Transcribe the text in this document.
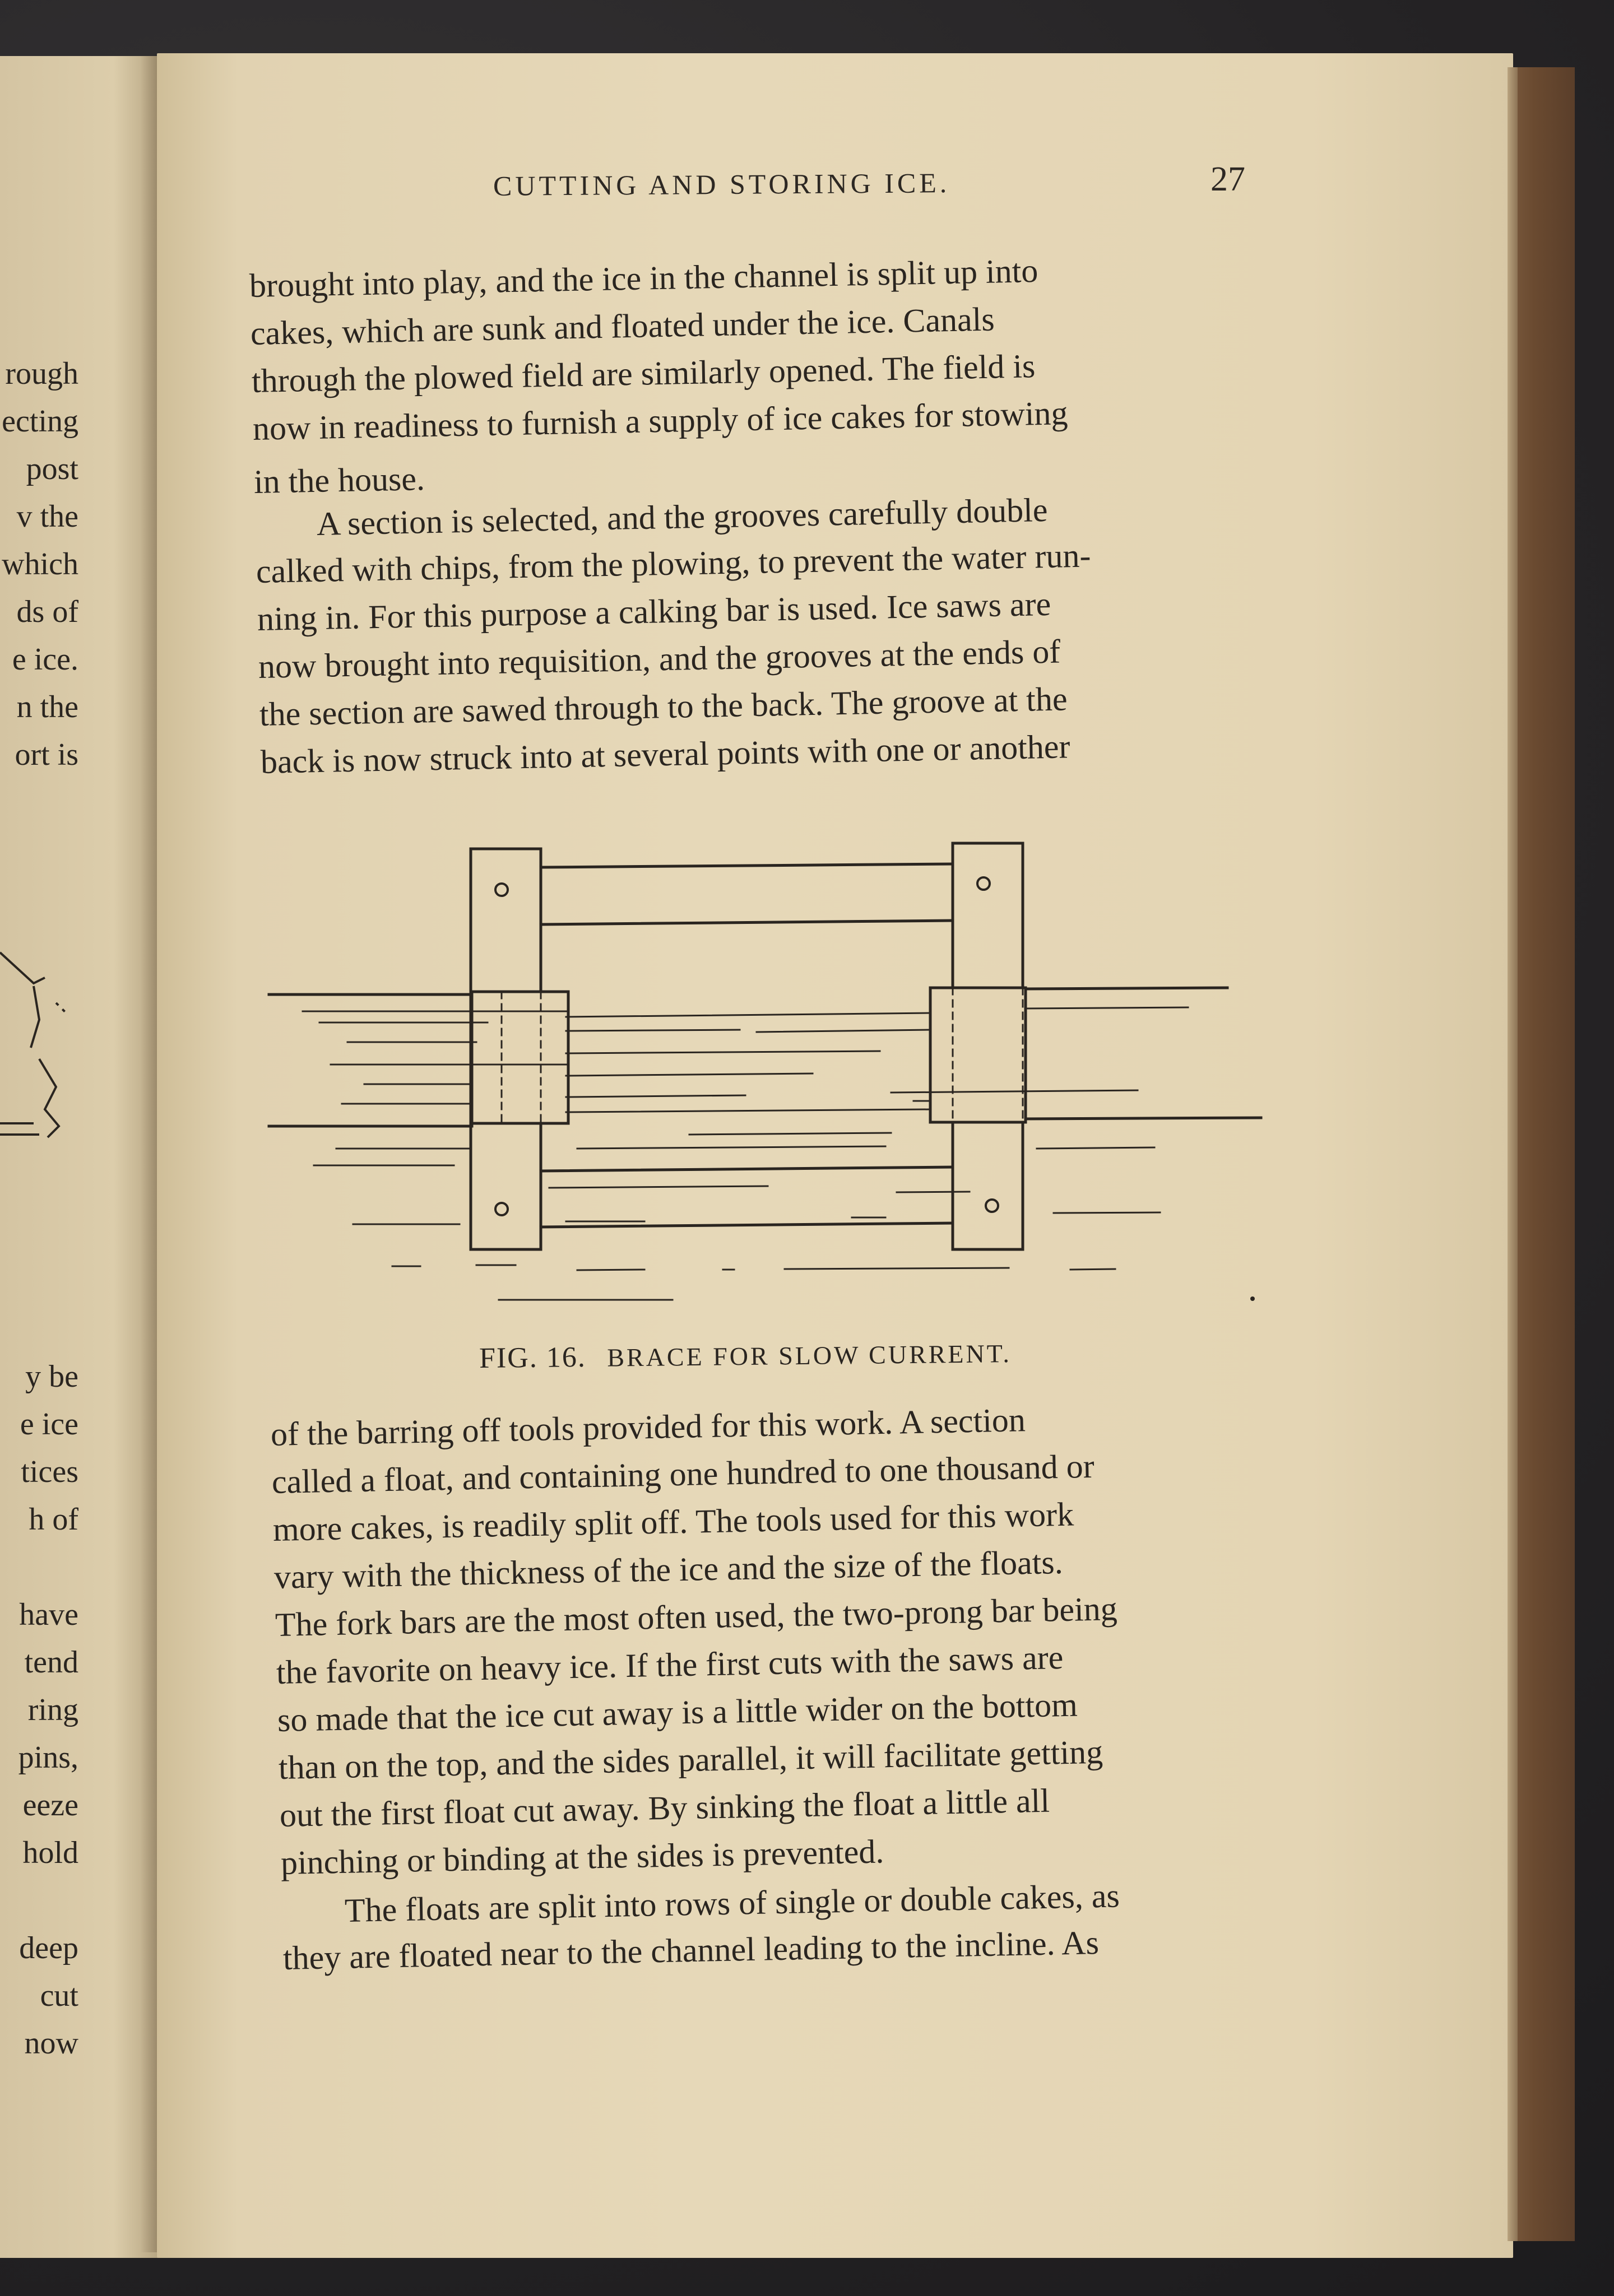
rough

ecting

post

v the

which

ds of

e ice.

n the

ort is

y be

e ice

tices

h of

have

tend

ring

pins,

eeze

hold

deep

cut

now

CUTTING AND STORING ICE.	27

brought into play, and the ice in the channel is split up into

cakes, which are sunk and floated under the ice. Canals

through the plowed field are similarly opened. The field is

now in readiness to furnish a supply of ice cakes for stowing

in the house.

A section is selected, and the grooves carefully double

calked with chips, from the plowing, to prevent the water run-

ning in. For this purpose a calking bar is used. Ice saws are

now brought into requisition, and the grooves at the ends of

the section are sawed through to the back. The groove at the

back is now struck into at several points with one or another

FIG. 16. BRACE FOR SLOW CURRENT.

of the barring off tools provided for this work. A section

called a float, and containing one hundred to one thousand or

more cakes, is readily split off. The tools used for this work

vary with the thickness of the ice and the size of the floats.

The fork bars are the most often used, the two-prong bar being

the favorite on heavy ice. If the first cuts with the saws are

so made that the ice cut away is a little wider on the bottom

than on the top, and the sides parallel, it will facilitate getting

out the first float cut away. By sinking the float a little all

pinching or binding at the sides is prevented.

The floats are split into rows of single or double cakes, as

they are floated near to the channel leading to the incline. As
